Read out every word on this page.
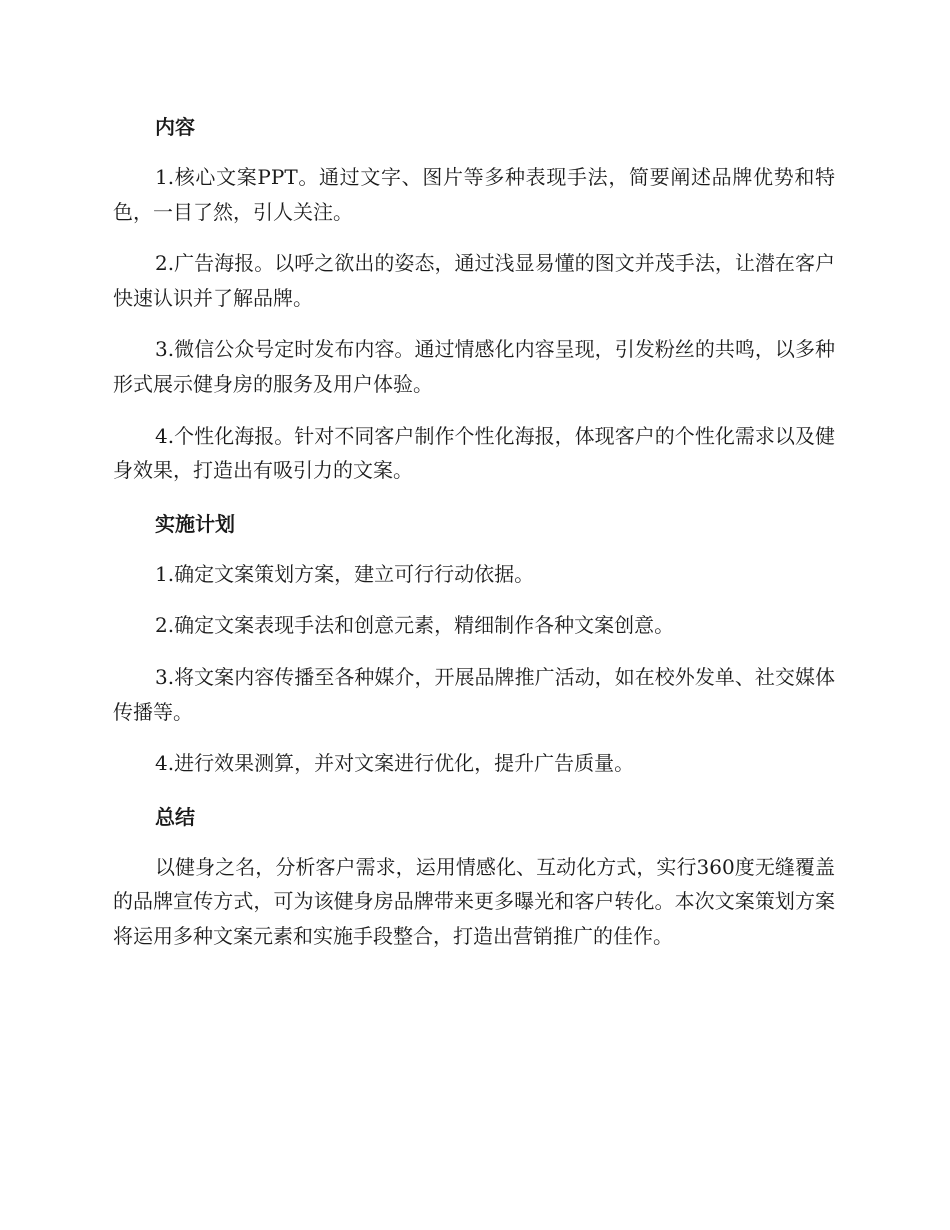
内容

1.核心文案PPT。通过文字、图片等多种表现手法，简要阐述品牌优势和特色，一目了然，引人关注。

2.广告海报。以呼之欲出的姿态，通过浅显易懂的图文并茂手法，让潜在客户快速认识并了解品牌。

3.微信公众号定时发布内容。通过情感化内容呈现，引发粉丝的共鸣，以多种形式展示健身房的服务及用户体验。

4.个性化海报。针对不同客户制作个性化海报，体现客户的个性化需求以及健身效果，打造出有吸引力的文案。

实施计划

1.确定文案策划方案，建立可行行动依据。

2.确定文案表现手法和创意元素，精细制作各种文案创意。

3.将文案内容传播至各种媒介，开展品牌推广活动，如在校外发单、社交媒体传播等。

4.进行效果测算，并对文案进行优化，提升广告质量。

总结

以健身之名，分析客户需求，运用情感化、互动化方式，实行360度无缝覆盖的品牌宣传方式，可为该健身房品牌带来更多曝光和客户转化。本次文案策划方案将运用多种文案元素和实施手段整合，打造出营销推广的佳作。
